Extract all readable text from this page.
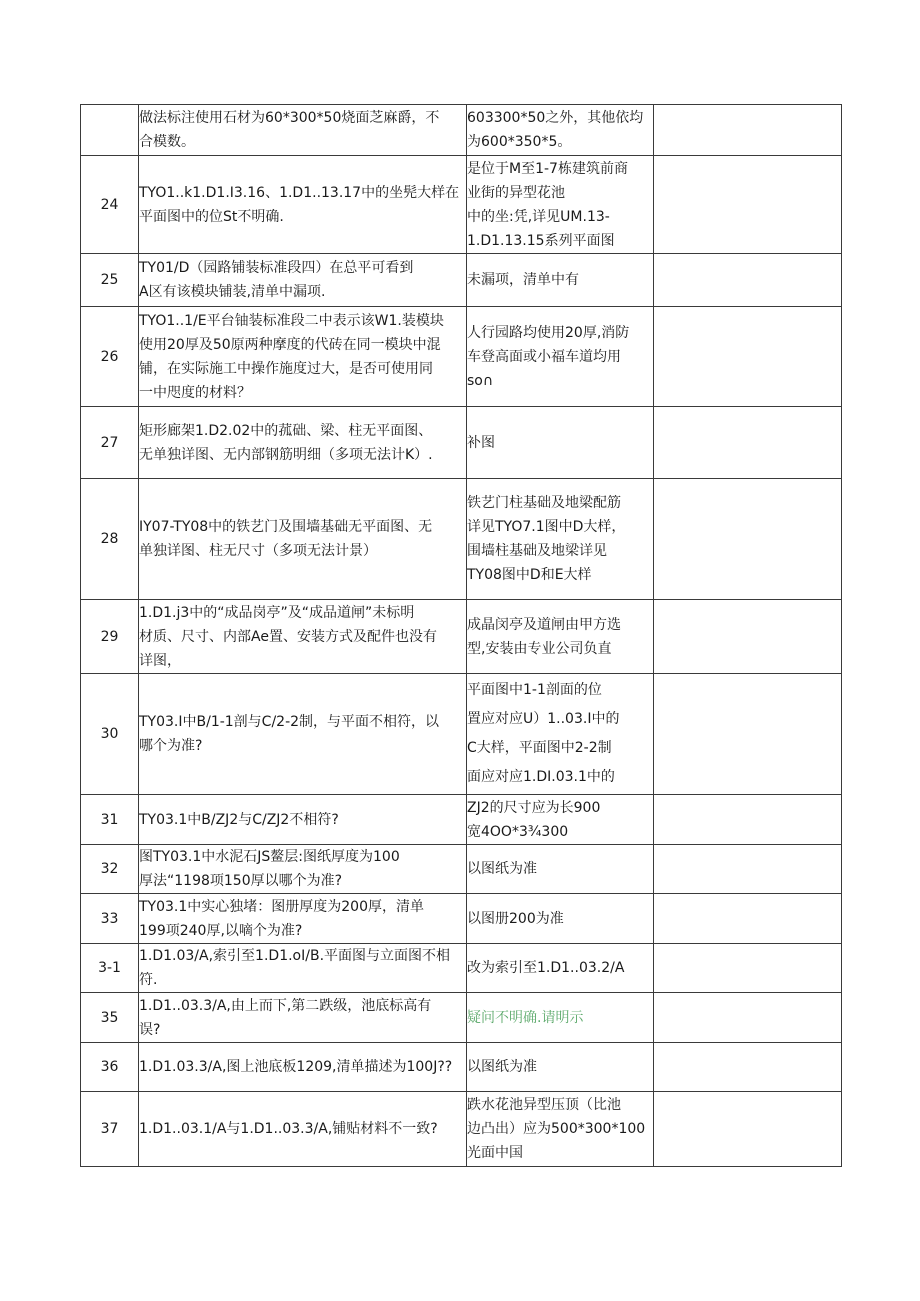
	做法标注使用石材为60*300*50烧面芝麻爵，不
合模数。	603300*50之外，其他依均
为600*350*5。	

24	TYO1..k1.D1.I3.16、1.D1..13.17中的坐髡大样在
平面图中的位St不明确.	是位于M至1-7栋建筑前商
业街的异型花池
中的坐:凭,详见UM.13-
1.D1.13.15系列平面图	

25	TY01/D（园路铺装标准段四）在总平可看到
A区有该模块铺装,清单中漏项.	未漏项，清单中有	

26	TYO1..1/E平台铀装标准段二中表示该W1.装模块
使用20厚及50原两种摩度的代砖在同一模块中混
铺，在实际施工中操作施度过大，是否可使用同
一中咫度的材料？	人行园路均使用20厚,消防
车登高面或小福车道均用
so∩	

27	矩形廊架1.D2.02中的菰础、梁、柱无平面图、
无单独详图、无内部钢筋明细（多项无法计K）.	补图	

28	IY07-TY08中的铁艺门及围墙基础无平面图、无
单独详图、柱无尺寸（多项无法计景）	铁艺门柱基础及地梁配筋
详见TYO7.1图中D大样，
围墙柱基础及地梁详见
TY08图中D和E大样	

29	1.D1.j3中的“成品岗亭”及“成品道闸”未标明
材质、尺寸、内部Ae置、安装方式及配件也没有
详图，	成晶闵亭及道闸由甲方选
型,安装由专业公司负直	

30	TY03.I中B/1-1剖与C/2-2制，与平面不相符，以
哪个为准?	平面图中1-1剖面的位
置应对应U）1..03.I中的
C大样，平面图中2-2制
面应对应1.DI.03.1中的	

31	TY03.1中B/ZJ2与C/ZJ2不相符?	ZJ2的尺寸应为长900
宽4OO*3¾300	

32	图TY03.1中水泥石JS鳌层:图纸厚度为100
厚法“1198项150厚以哪个为准?	以图纸为准	

33	TY03.1中实心独堵：图册厚度为200厚，清单
199项240厚,以嘀个为准?	以图册200为准	

3-1	1.D1.03/A,索引至1.D1.oI/B.平面图与立面图不相
符.	改为索引至1.D1..03.2/A	

35	1.D1..03.3/A,由上而下,第二跌级，池底标高有
误?	疑问不明确.请明示	

36	1.D1.03.3/A,图上池底板1209,清单描述为100J??	以图纸为准	

37	1.D1..03.1/A与1.D1..03.3/A,铺贴材料不一致?	跌水花池异型压顶（比池
边凸出）应为500*300*100
光面中国	
